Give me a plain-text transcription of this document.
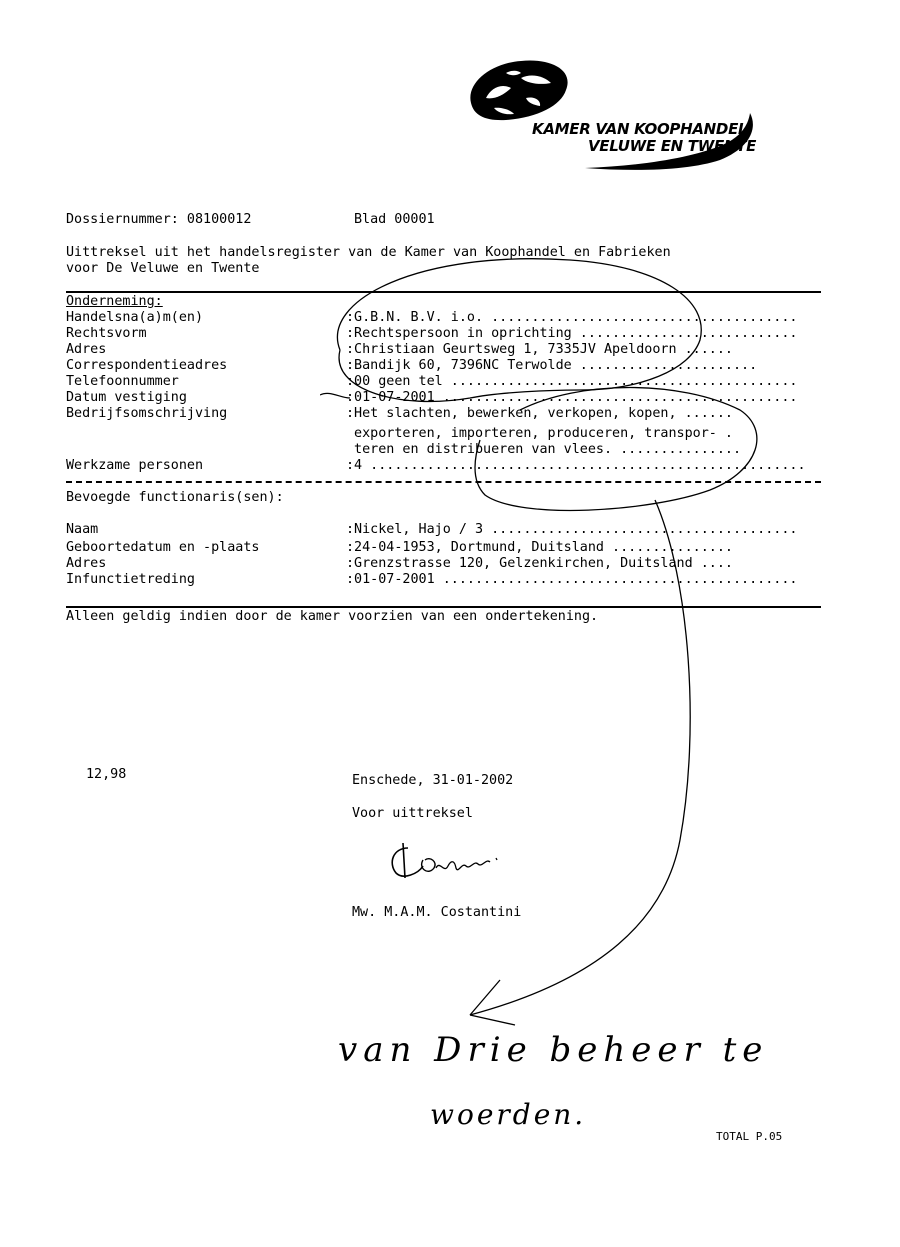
KAMER VAN KOOPHANDEL
VELUWE EN TWENTE
Dossiernummer: 08100012	Blad 00001
Uittreksel uit het handelsregister van de Kamer van Koophandel en Fabrieken
voor De Veluwe en Twente
Onderneming:

Handelsna(a)m(en)

	:G.B.N. B.V. i.o. ......................................

Rechtsvorm

	:Rechtspersoon in oprichting ...........................

Adres

	:Christiaan Geurtsweg 1, 7335JV Apeldoorn ......

Correspondentieadres

	:Bandijk 60, 7396NC Terwolde ......................

Telefoonnummer

	:00 geen tel ...........................................

Datum vestiging

	:01-07-2001 ............................................

Bedrijfsomschrijving

	:Het slachten, bewerken, verkopen, kopen, ......

exporteren, importeren, produceren, transpor- .

teren en distribueren van vlees. ...............

Werkzame personen

	:4 ......................................................

Bevoegde functionaris(sen):

Naam

	:Nickel, Hajo / 3 ......................................

Geboortedatum en -plaats

	:24-04-1953, Dortmund, Duitsland ...............

Adres

	:Grenzstrasse 120, Gelzenkirchen, Duitsland ....

Infunctietreding

	:01-07-2001 ............................................

Alleen geldig indien door de kamer voorzien van een ondertekening.
12,98	Enschede, 31-01-2002
Voor uittreksel
Mw. M.A.M. Costantini
van Drie beheer te
woerden.
TOTAL P.05
